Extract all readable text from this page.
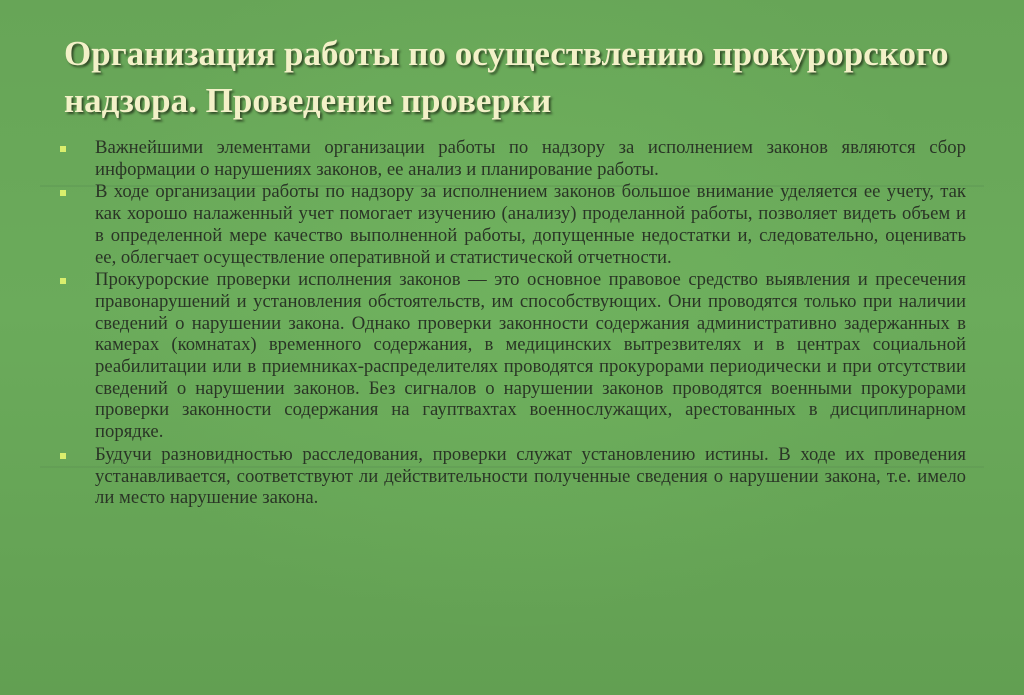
Организация работы по осуществлению прокурорского надзора. Проведение проверки
Важнейшими элементами организации работы по надзору за исполнением законов являются сбор информации о нарушениях законов, ее анализ и планирование работы.
В ходе организации работы по надзору за исполнением законов большое внимание уделяется ее учету, так как хорошо налаженный учет помогает изучению (анализу) проделанной работы, позволяет видеть объем и в определенной мере качество выполненной работы, допущенные недостатки и, следовательно, оценивать ее, облегчает осуществление оперативной и статистической отчетности.
Прокурорские проверки исполнения законов — это основное правовое средство выявления и пресечения правонарушений и установления обстоятельств, им способствующих. Они проводятся только при наличии сведений о нарушении закона. Однако проверки законности содержания административно задержанных в камерах (комнатах) временного содержания, в медицинских вытрезвителях и в центрах социальной реабилитации или в приемниках-распределителях проводятся прокурорами периодически и при отсутствии сведений о нарушении законов. Без сигналов о нарушении законов проводятся военными прокурорами проверки законности содержания на гауптвахтах военнослужащих, арестованных в дисциплинарном порядке.
Будучи разновидностью расследования, проверки служат установлению истины. В ходе их проведения устанавливается, соответствуют ли действительности полученные сведения о нарушении закона, т.е. имело ли место нарушение закона.
